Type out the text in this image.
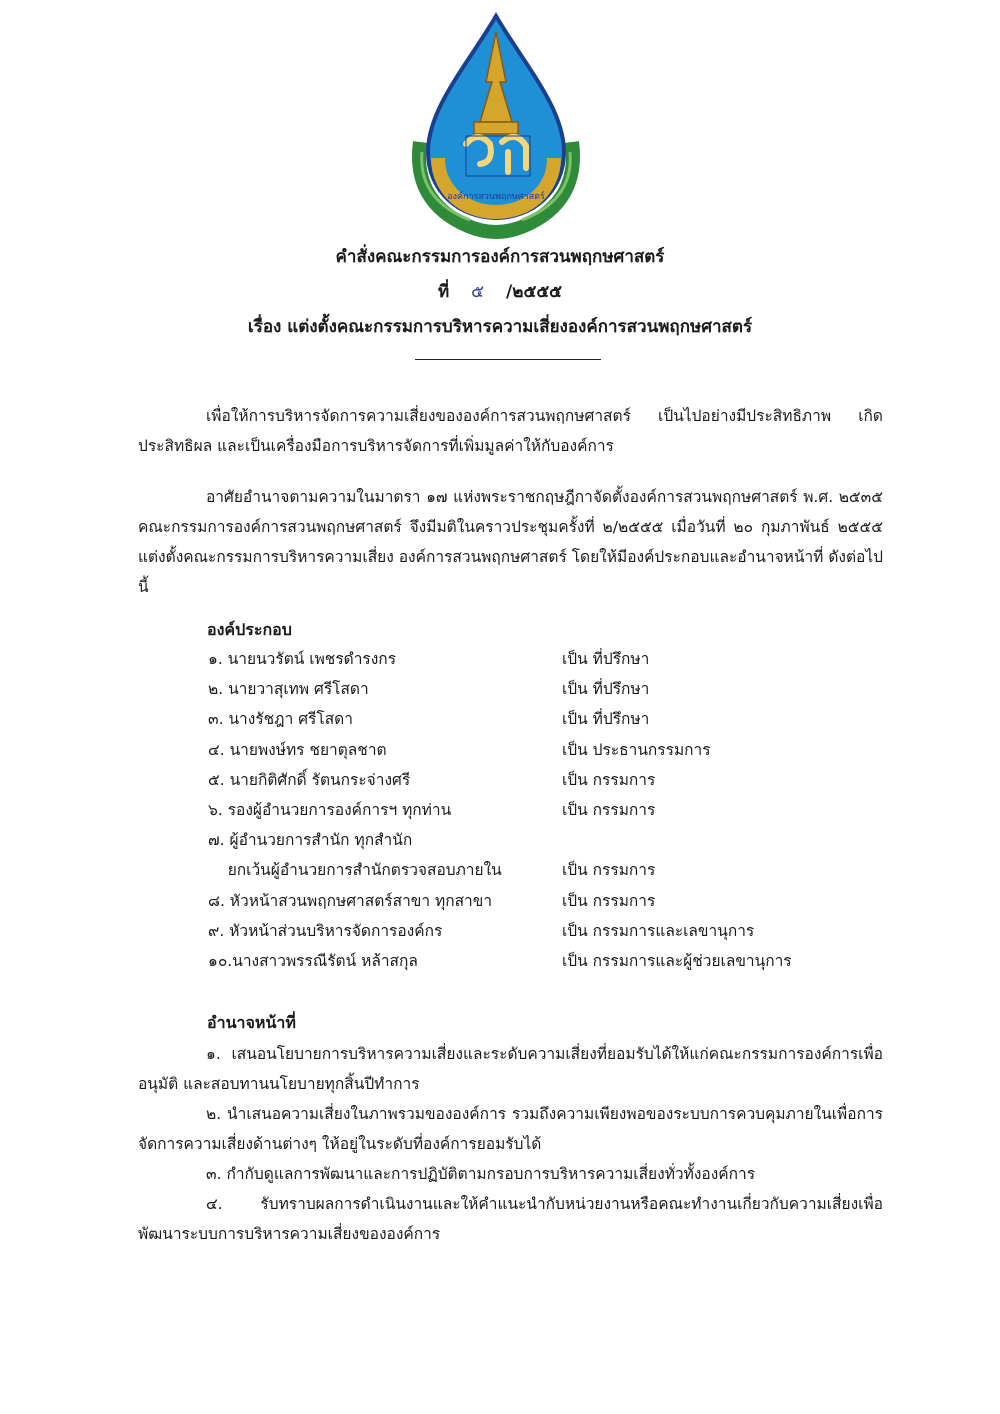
องค์การสวนพฤกษศาสตร์
คำสั่งคณะกรรมการองค์การสวนพฤกษศาสตร์
ที่ ๕ /๒๕๕๕
เรื่อง แต่งตั้งคณะกรรมการบริหารความเสี่ยงองค์การสวนพฤกษศาสตร์
เพื่อให้การบริหารจัดการความเสี่ยงขององค์การสวนพฤกษศาสตร์ เป็นไปอย่างมีประสิทธิภาพ เกิดประสิทธิผล และเป็นเครื่องมือการบริหารจัดการที่เพิ่มมูลค่าให้กับองค์การ
อาศัยอำนาจตามความในมาตรา ๑๗ แห่งพระราชกฤษฎีกาจัดตั้งองค์การสวนพฤกษศาสตร์ พ.ศ. ๒๕๓๕ คณะกรรมการองค์การสวนพฤกษศาสตร์ จึงมีมติในคราวประชุมครั้งที่ ๒/๒๕๕๕ เมื่อวันที่ ๒๐ กุมภาพันธ์ ๒๕๕๕ แต่งตั้งคณะกรรมการบริหารความเสี่ยง องค์การสวนพฤกษศาสตร์ โดยให้มีองค์ประกอบและอำนาจหน้าที่ ดังต่อไปนี้
องค์ประกอบ
๑. นายนวรัตน์ เพชรดำรงกร	เป็น ที่ปรึกษา
๒. นายวาสุเทพ ศรีโสดา	เป็น ที่ปรึกษา
๓. นางรัชฎา ศรีโสดา	เป็น ที่ปรึกษา
๔. นายพงษ์ทร ชยาตุลชาต	เป็น ประธานกรรมการ
๕. นายกิติศักดิ์ รัตนกระจ่างศรี	เป็น กรรมการ
๖. รองผู้อำนวยการองค์การฯ ทุกท่าน	เป็น กรรมการ
๗. ผู้อำนวยการสำนัก ทุกสำนัก
ยกเว้นผู้อำนวยการสำนักตรวจสอบภายใน	เป็น กรรมการ
๘. หัวหน้าสวนพฤกษศาสตร์สาขา ทุกสาขา	เป็น กรรมการ
๙. หัวหน้าส่วนบริหารจัดการองค์กร	เป็น กรรมการและเลขานุการ
๑๐.นางสาวพรรณีรัตน์ หล้าสกุล	เป็น กรรมการและผู้ช่วยเลขานุการ
อำนาจหน้าที่

๑. เสนอนโยบายการบริหารความเสี่ยงและระดับความเสี่ยงที่ยอมรับได้ให้แก่คณะกรรมการองค์การเพื่ออนุมัติ และสอบทานนโยบายทุกสิ้นปีทำการ

๒. นำเสนอความเสี่ยงในภาพรวมขององค์การ รวมถึงความเพียงพอของระบบการควบคุมภายในเพื่อการจัดการความเสี่ยงด้านต่างๆ ให้อยู่ในระดับที่องค์การยอมรับได้

๓. กำกับดูแลการพัฒนาและการปฏิบัติตามกรอบการบริหารความเสี่ยงทั่วทั้งองค์การ

๔. รับทราบผลการดำเนินงานและให้คำแนะนำกับหน่วยงานหรือคณะทำงานเกี่ยวกับความเสี่ยงเพื่อพัฒนาระบบการบริหารความเสี่ยงขององค์การ
